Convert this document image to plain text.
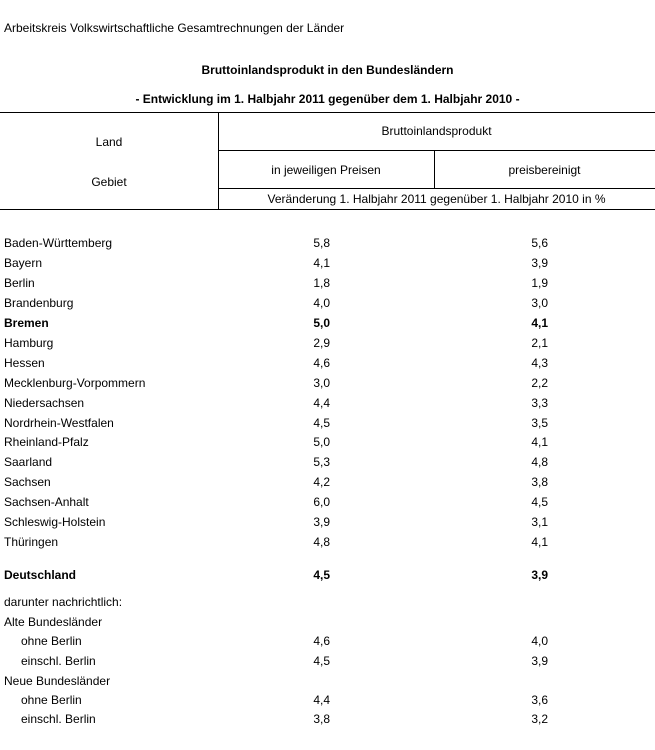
Arbeitskreis Volkswirtschaftliche Gesamtrechnungen der Länder
Bruttoinlandsprodukt in den Bundesländern
- Entwicklung im 1. Halbjahr 2011 gegenüber dem 1. Halbjahr 2010 -
Land
Gebiet
Bruttoinlandsprodukt
in jeweiligen Preisen	preisbereinigt
Veränderung 1. Halbjahr 2011 gegenüber 1. Halbjahr 2010 in %
Baden-Württemberg	5,8	5,6
Bayern	4,1	3,9
Berlin	1,8	1,9
Brandenburg	4,0	3,0
Bremen	5,0	4,1
Hamburg	2,9	2,1
Hessen	4,6	4,3
Mecklenburg-Vorpommern	3,0	2,2
Niedersachsen	4,4	3,3
Nordrhein-Westfalen	4,5	3,5
Rheinland-Pfalz	5,0	4,1
Saarland	5,3	4,8
Sachsen	4,2	3,8
Sachsen-Anhalt	6,0	4,5
Schleswig-Holstein	3,9	3,1
Thüringen	4,8	4,1
Deutschland	4,5	3,9
darunter nachrichtlich:
Alte Bundesländer
ohne Berlin	4,6	4,0
einschl. Berlin	4,5	3,9
Neue Bundesländer
ohne Berlin	4,4	3,6
einschl. Berlin	3,8	3,2
